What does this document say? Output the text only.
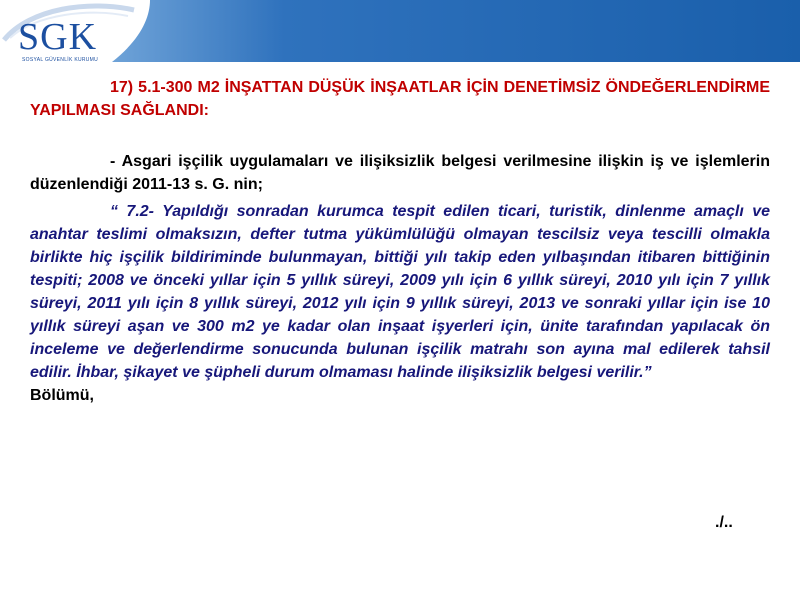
SGK
SOSYAL GÜVENLİK KURUMU

17) 5.1-300 M2 İNŞATTAN DÜŞÜK İNŞAATLAR İÇİN DENETİMSİZ ÖNDEĞERLENDİRME YAPILMASI SAĞLANDI:

- Asgari işçilik uygulamaları ve ilişiksizlik belgesi verilmesine ilişkin iş ve işlemlerin düzenlendiği 2011-13 s. G. nin;

“ 7.2- Yapıldığı sonradan kurumca tespit edilen ticari, turistik, dinlenme amaçlı ve anahtar teslimi olmaksızın, defter tutma yükümlülüğü olmayan tescilsiz veya tescilli olmakla birlikte hiç işçilik bildiriminde bulunmayan, bittiği yılı takip eden yılbaşından itibaren bittiğinin tespiti; 2008 ve önceki yıllar için 5 yıllık süreyi, 2009 yılı için 6 yıllık süreyi, 2010 yılı için 7 yıllık süreyi, 2011 yılı için 8 yıllık süreyi, 2012 yılı için 9 yıllık süreyi, 2013 ve sonraki yıllar için ise 10 yıllık süreyi aşan ve 300 m2 ye kadar olan inşaat işyerleri için, ünite tarafından yapılacak ön inceleme ve değerlendirme sonucunda bulunan işçilik matrahı son ayına mal edilerek tahsil edilir. İhbar, şikayet ve şüpheli durum olmaması halinde ilişiksizlik belgesi verilir.”

Bölümü,

./..
